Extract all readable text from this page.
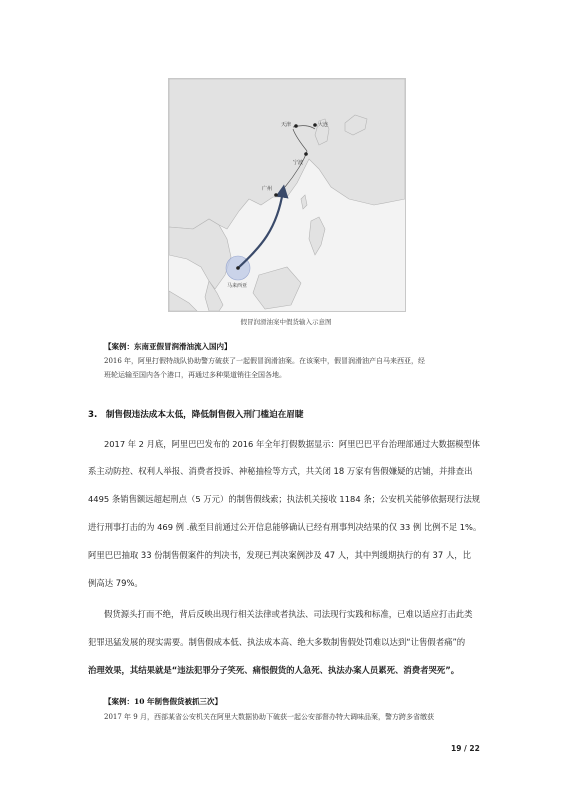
天津	大连
宁波
广州
马来西亚
假冒润滑油案中假货输入示意图
【案例：东南亚假冒润滑油流入国内】
2016 年，阿里打假特战队协助警方破获了一起假冒润滑油案。在该案中，假冒润滑油产自马来西亚，经
班轮运输至国内各个港口，再通过多种渠道销往全国各地。
3.　制售假违法成本太低，降低制售假入刑门槛迫在眉睫
2017 年 2 月底，阿里巴巴发布的 2016 年全年打假数据显示：阿里巴巴平台治理部通过大数据模型体
系主动防控、权利人举报、消费者投诉、神秘抽检等方式，共关闭 18 万家有售假嫌疑的店铺，并排查出
4495 条销售额远超起刑点（5 万元）的制售假线索；执法机关接收 1184 条；公安机关能够依据现行法规
进行刑事打击的为 469 例 .截至目前通过公开信息能够确认已经有刑事判决结果的仅 33 例 比例不足 1%。
阿里巴巴抽取 33 份制售假案件的判决书，发现已判决案例涉及 47 人，其中判缓期执行的有 37 人，比
例高达 79%。
假货源头打而不绝，背后反映出现行相关法律或者执法、司法现行实践和标准，已难以适应打击此类
犯罪迅猛发展的现实需要。制售假成本低、执法成本高、绝大多数制售假处罚难以达到“让售假者痛”的
治理效果，其结果就是“违法犯罪分子笑死、痛恨假货的人急死、执法办案人员累死、消费者哭死”。
【案例：10 年制售假货被抓三次】
2017 年 9 月，西部某省公安机关在阿里大数据协助下破获一起公安部督办特大调味品案，警方跨多省缴获
19 / 22
